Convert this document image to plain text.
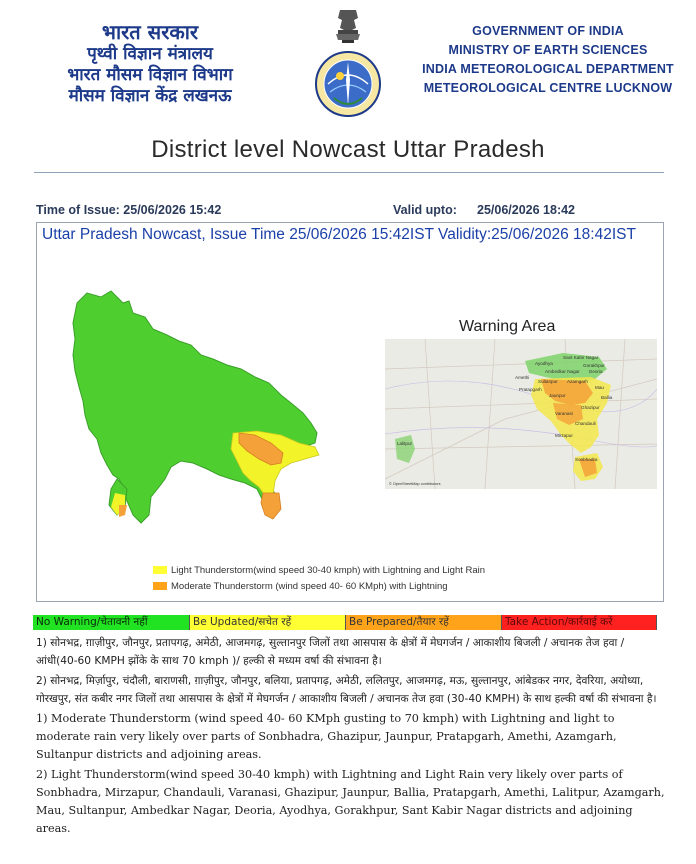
भारत सरकार
पृथ्वी विज्ञान मंत्रालय
भारत मौसम विज्ञान विभाग
मौसम विज्ञान केंद्र लखनऊ
GOVERNMENT OF INDIA
MINISTRY OF EARTH SCIENCES
INDIA METEOROLOGICAL DEPARTMENT
METEOROLOGICAL CENTRE LUCKNOW
District level Nowcast Uttar Pradesh
Time of Issue: 25/06/2026 15:42	Valid upto: 25/06/2026 18:42
Uttar Pradesh Nowcast, Issue Time 25/06/2026 15:42IST Validity:25/06/2026 18:42IST
Warning Area
Sant Kabir Nagar
Ayodhya	Gorakhpur
Ambedkar Nagar
Amethi
Sultanpur
Deoria
Azamgarh
Mau
Pratapgarh
Jaunpur	Ballia
Ghazipur
Varanasi
Chandauli
Mirzapur
Sonbhadra
Lalitpur
© OpenStreetMap contributors
Light Thunderstorm(wind speed 30-40 kmph) with Lightning and Light Rain
Moderate Thunderstorm (wind speed 40- 60 KMph) with Lightning
No Warning/चेतावनी नहीं	Be Updated/सचेत रहें	Be Prepared/तैयार रहें	Take Action/कार्रवाई करें

1) सोनभद्र, ग़ाज़ीपुर, जौनपुर, प्रतापगढ़, अमेठी, आजमगढ़, सुल्तानपुर जिलों तथा आसपास के क्षेत्रों में मेघगर्जन / आकाशीय बिजली / अचानक तेज हवा / आंधी(40-60 KMPH झोंके के साथ 70 kmph )/ हल्की से मध्यम वर्षा की संभावना है।

2) सोनभद्र, मिर्ज़ापुर, चंदौली, बाराणसी, ग़ाज़ीपुर, जौनपुर, बलिया, प्रतापगढ़, अमेठी, ललितपुर, आजमगढ़, मऊ, सुल्तानपुर, आंबेडकर नगर, देवरिया, अयोध्या, गोरखपुर, संत कबीर नगर जिलों तथा आसपास के क्षेत्रों में मेघगर्जन / आकाशीय बिजली / अचानक तेज हवा (30-40 KMPH) के साथ हल्की वर्षा की संभावना है।

1) Moderate Thunderstorm (wind speed 40- 60 KMph gusting to 70 kmph) with Lightning and light to moderate rain very likely over parts of Sonbhadra, Ghazipur, Jaunpur, Pratapgarh, Amethi, Azamgarh, Sultanpur districts and adjoining areas.

2) Light Thunderstorm(wind speed 30-40 kmph) with Lightning and Light Rain very likely over parts of Sonbhadra, Mirzapur, Chandauli, Varanasi, Ghazipur, Jaunpur, Ballia, Pratapgarh, Amethi, Lalitpur, Azamgarh, Mau, Sultanpur, Ambedkar Nagar, Deoria, Ayodhya, Gorakhpur, Sant Kabir Nagar districts and adjoining areas.
